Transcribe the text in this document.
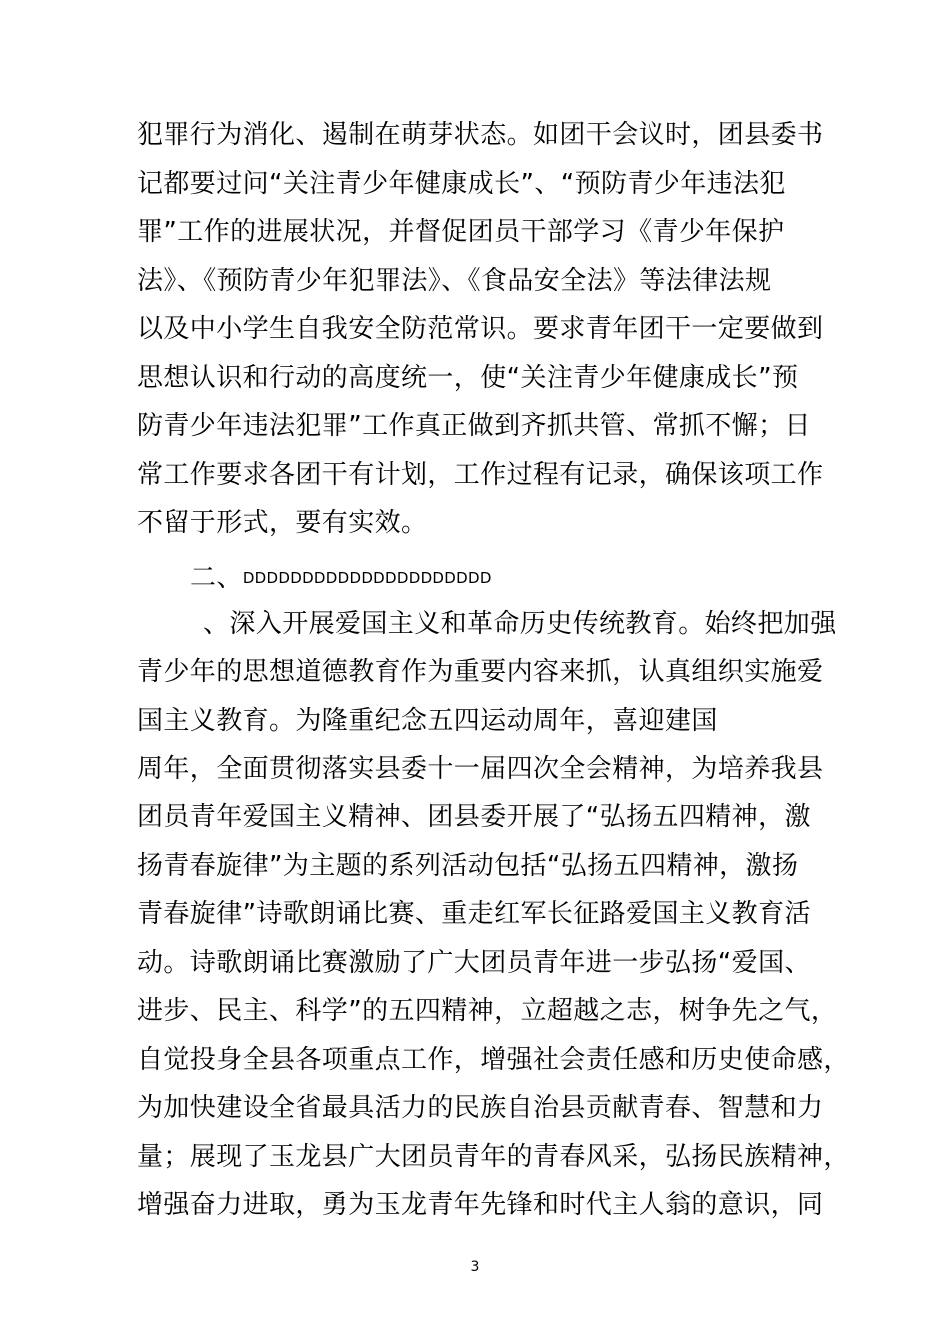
犯罪行为消化、遏制在萌芽状态。如团干会议时，团县委书
记都要过问“关注青少年健康成长”、“预防青少年违法犯
罪”工作的进展状况，并督促团员干部学习《青少年保护
法》、《预防青少年犯罪法》、《食品安全法》等法律法规
以及中小学生自我安全防范常识。要求青年团干一定要做到
思想认识和行动的高度统一，使“关注青少年健康成长”预
防青少年违法犯罪”工作真正做到齐抓共管、常抓不懈；日
常工作要求各团干有计划，工作过程有记录，确保该项工作
不留于形式，要有实效。
二、DDDDDDDDDDDDDDDDDDDDD
、深入开展爱国主义和革命历史传统教育。始终把加强
青少年的思想道德教育作为重要内容来抓，认真组织实施爱
国主义教育。为隆重纪念五四运动周年，喜迎建国
周年，全面贯彻落实县委十一届四次全会精神，为培养我县
团员青年爱国主义精神、团县委开展了“弘扬五四精神，激
扬青春旋律”为主题的系列活动包括“弘扬五四精神，激扬
青春旋律”诗歌朗诵比赛、重走红军长征路爱国主义教育活
动。诗歌朗诵比赛激励了广大团员青年进一步弘扬“爱国、
进步、民主、科学”的五四精神，立超越之志，树争先之气，
自觉投身全县各项重点工作，增强社会责任感和历史使命感，
为加快建设全省最具活力的民族自治县贡献青春、智慧和力
量；展现了玉龙县广大团员青年的青春风采，弘扬民族精神，
增强奋力进取，勇为玉龙青年先锋和时代主人翁的意识，同
3
